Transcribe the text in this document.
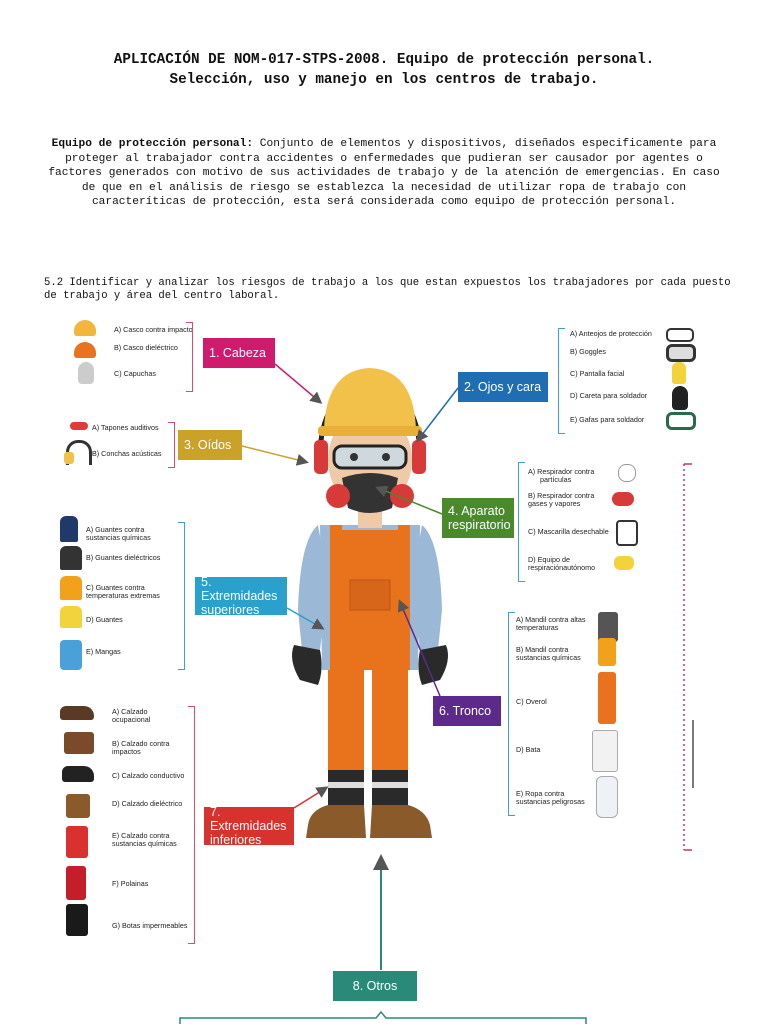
APLICACIÓN DE NOM-017-STPS-2008. Equipo de protección personal.
Selección, uso y manejo en los centros de trabajo.
Equipo de protección personal: Conjunto de elementos y dispositivos, diseñados especificamente para proteger al trabajador contra accidentes o enfermedades que pudieran ser causador por agentes o factores generados con motivo de sus actividades de trabajo y de la atención de emergencias. En caso de que en el análisis de riesgo se establezca la necesidad de utilizar ropa de trabajo con caracteríticas de protección, esta será considerada como equipo de protección personal.
5.2 Identificar y analizar los riesgos de trabajo a los que estan expuestos los trabajadores por cada puesto de trabajo y área del centro laboral.
A) Casco contra impacto
B) Casco dieléctrico
C) Capuchas
1. Cabeza
2. Ojos y cara
A) Anteojos de protección
B) Goggles
C) Pantalla facial
D) Careta para soldador
E) Gafas para soldador
A) Tapones auditivos
B) Conchas acústicas
3. Oídos
4. Aparato
respiratorio
A) Respirador contra
partículas
B) Respirador contra
gases y vapores
C) Mascarilla desechable
D) Equipo de
respiraciónautónomo
A) Guantes contra
sustancias químicas
B) Guantes dieléctricos
C) Guantes contra
temperaturas extremas
D) Guantes
E) Mangas
5. Extremidades
superiores
6. Tronco
A) Mandil contra altas
temperaturas
B) Mandil contra
sustancias químicas
C) Overol
D) Bata
E) Ropa contra
sustancias peligrosas
A) Calzado
ocupacional
B) Calzado contra
impactos
C) Calzado conductivo
D) Calzado dieléctrico
E) Calzado contra
sustancias químicas
F) Polainas
G) Botas impermeables
7. Extremidades
inferiores
8. Otros
